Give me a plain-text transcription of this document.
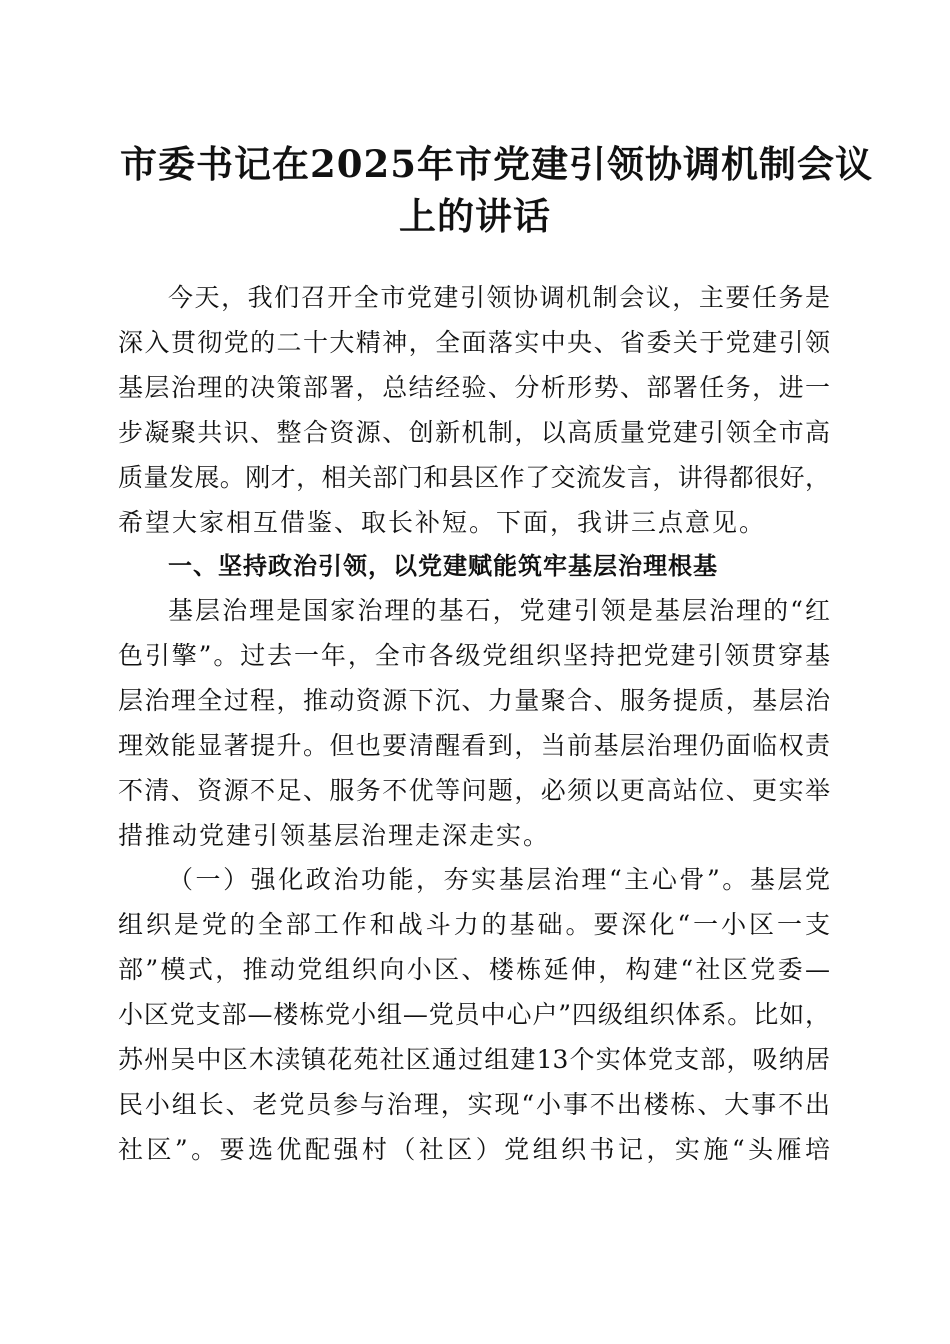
市委书记在2025年市党建引领协调机制会议
上的讲话

今天，我们召开全市党建引领协调机制会议，主要任务是

深入贯彻党的二十大精神，全面落实中央、省委关于党建引领

基层治理的决策部署，总结经验、分析形势、部署任务，进一

步凝聚共识、整合资源、创新机制，以高质量党建引领全市高

质量发展。刚才，相关部门和县区作了交流发言，讲得都很好，

希望大家相互借鉴、取长补短。下面，我讲三点意见。

一、坚持政治引领，以党建赋能筑牢基层治理根基

基层治理是国家治理的基石，党建引领是基层治理的“红

色引擎”。过去一年，全市各级党组织坚持把党建引领贯穿基

层治理全过程，推动资源下沉、力量聚合、服务提质，基层治

理效能显著提升。但也要清醒看到，当前基层治理仍面临权责

不清、资源不足、服务不优等问题，必须以更高站位、更实举

措推动党建引领基层治理走深走实。

（一）强化政治功能，夯实基层治理“主心骨”。基层党

组织是党的全部工作和战斗力的基础。要深化“一小区一支

部”模式，推动党组织向小区、楼栋延伸，构建“社区党委—

小区党支部—楼栋党小组—党员中心户”四级组织体系。比如，

苏州吴中区木渎镇花苑社区通过组建13个实体党支部，吸纳居

民小组长、老党员参与治理，实现“小事不出楼栋、大事不出

社区”。要选优配强村（社区）党组织书记，实施“头雁培
